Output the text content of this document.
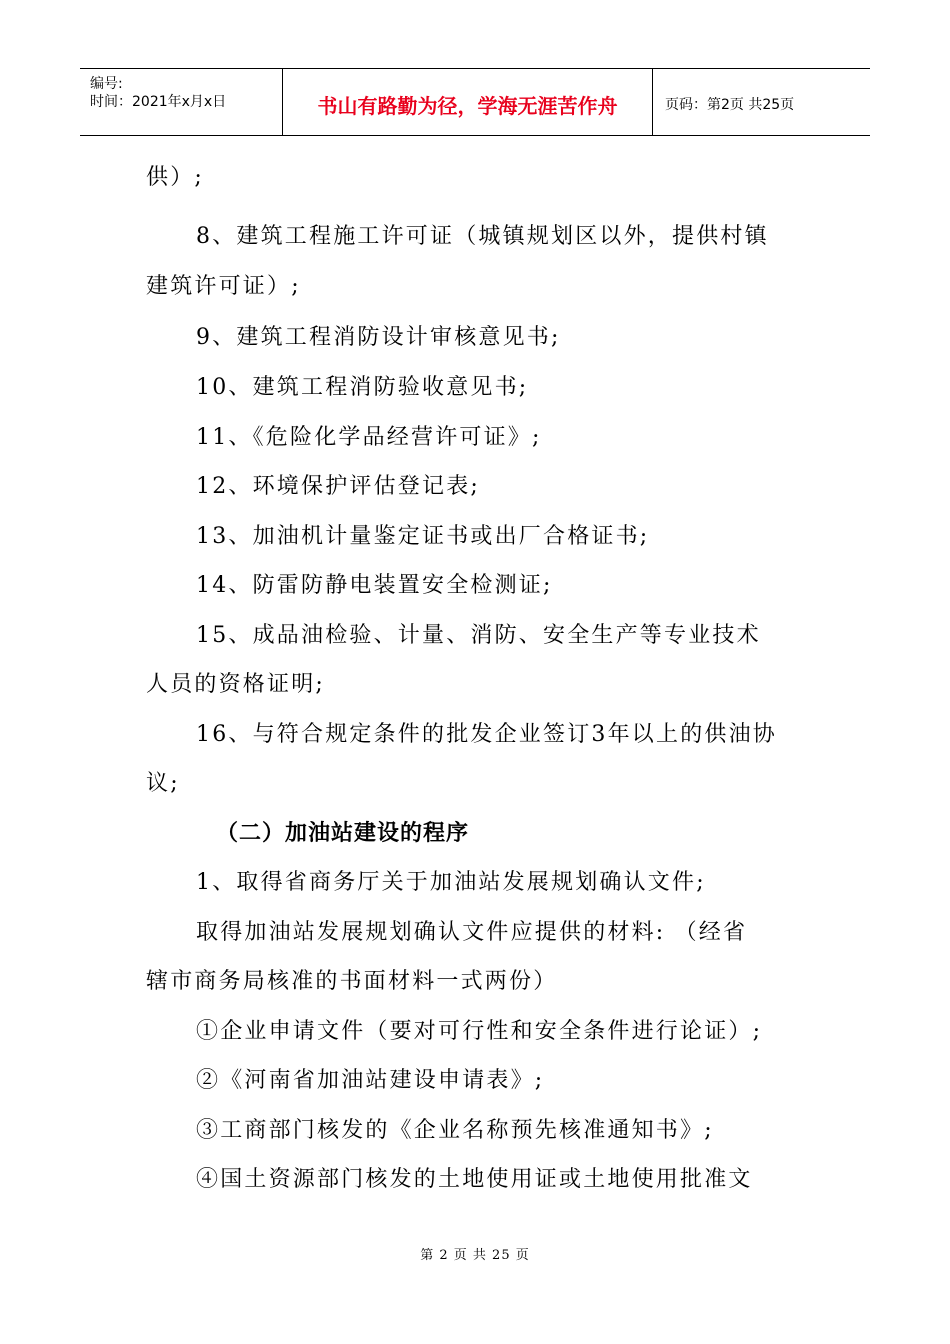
编号:
时间：2021年x月x日	书山有路勤为径，学海无涯苦作舟	页码：第2页 共25页
供）;
8、建筑工程施工许可证（城镇规划区以外，提供村镇
建筑许可证）;
9、建筑工程消防设计审核意见书;
10、建筑工程消防验收意见书;
11、《危险化学品经营许可证》;
12、环境保护评估登记表;
13、加油机计量鉴定证书或出厂合格证书;
14、防雷防静电装置安全检测证;
15、成品油检验、计量、消防、安全生产等专业技术
人员的资格证明;
16、与符合规定条件的批发企业签订3年以上的供油协
议;
（二）加油站建设的程序
1、取得省商务厅关于加油站发展规划确认文件;
取得加油站发展规划确认文件应提供的材料: （经省
辖市商务局核准的书面材料一式两份）
①企业申请文件（要对可行性和安全条件进行论证）;
②《河南省加油站建设申请表》;
③工商部门核发的《企业名称预先核准通知书》;
④国土资源部门核发的土地使用证或土地使用批准文
第 2 页 共 25 页
